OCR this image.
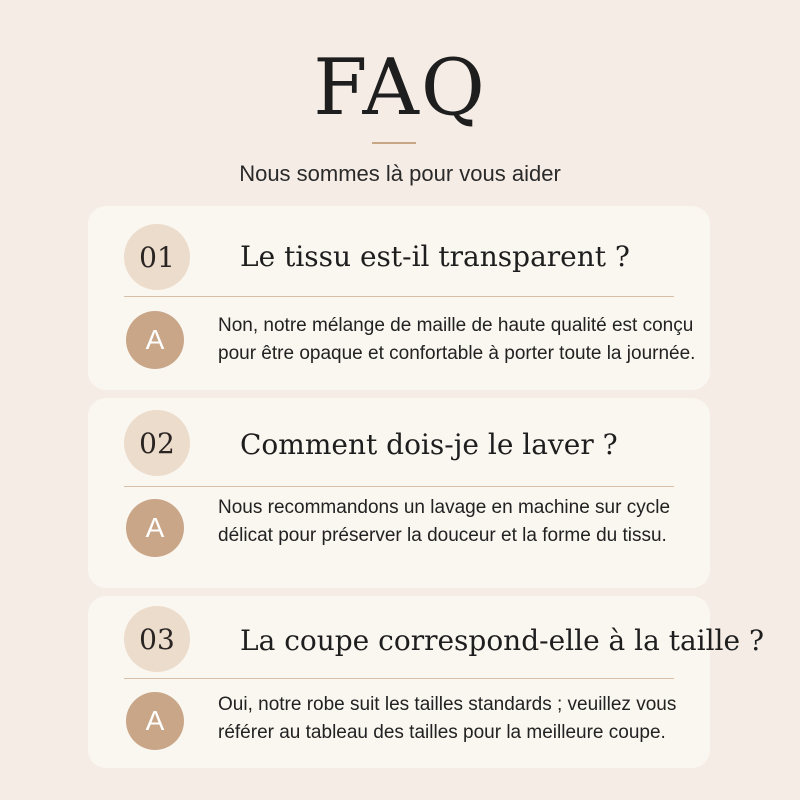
FAQ
Nous sommes là pour vous aider
01	Le tissu est-il transparent ?
A	Non, notre mélange de maille de haute qualité est conçu pour être opaque et confortable à porter toute la journée.
02	Comment dois-je le laver ?
A
Nous recommandons un lavage en machine sur cycle délicat pour préserver la douceur et la forme du tissu.
03	La coupe correspond-elle à la taille ?
A
Oui, notre robe suit les tailles standards ; veuillez vous référer au tableau des tailles pour la meilleure coupe.
